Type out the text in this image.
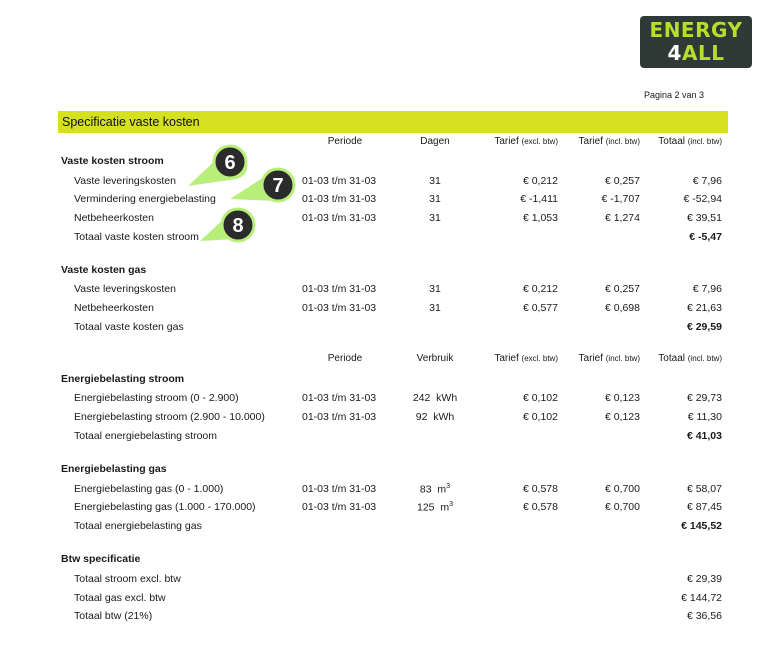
ENERGY
4ALL
Pagina 2 van 3
Specificatie vaste kosten
Periode	Dagen	Tarief (excl. btw)	Tarief (incl. btw)	Totaal (incl. btw)
Vaste kosten stroom
Vaste leveringskosten	01-03 t/m 31-03	31	€ 0,212	€ 0,257	€ 7,96
Vermindering energiebelasting	01-03 t/m 31-03	31	€ -1,411	€ -1,707	€ -52,94
Netbeheerkosten	01-03 t/m 31-03	31	€ 1,053	€ 1,274	€ 39,51
Totaal vaste kosten stroom	€ -5,47
Vaste kosten gas
Vaste leveringskosten	01-03 t/m 31-03	31	€ 0,212	€ 0,257	€ 7,96
Netbeheerkosten	01-03 t/m 31-03	31	€ 0,577	€ 0,698	€ 21,63
Totaal vaste kosten gas	€ 29,59
Periode	Verbruik	Tarief (excl. btw)	Tarief (incl. btw)	Totaal (incl. btw)
Energiebelasting stroom
Energiebelasting stroom (0 - 2.900)	01-03 t/m 31-03	242  kWh	€ 0,102	€ 0,123	€ 29,73
Energiebelasting stroom (2.900 - 10.000)	01-03 t/m 31-03	92  kWh	€ 0,102	€ 0,123	€ 11,30
Totaal energiebelasting stroom	€ 41,03
Energiebelasting gas
Energiebelasting gas (0 - 1.000)	01-03 t/m 31-03	83  $m^3$	€ 0,578	€ 0,700	€ 58,07
Energiebelasting gas (1.000 - 170.000)	01-03 t/m 31-03	125  $m^3$	€ 0,578	€ 0,700	€ 87,45
Totaal energiebelasting gas	€ 145,52
Btw specificatie
Totaal stroom excl. btw	€ 29,39
Totaal gas excl. btw	€ 144,72
Totaal btw (21%)	€ 36,56
6
7
8
